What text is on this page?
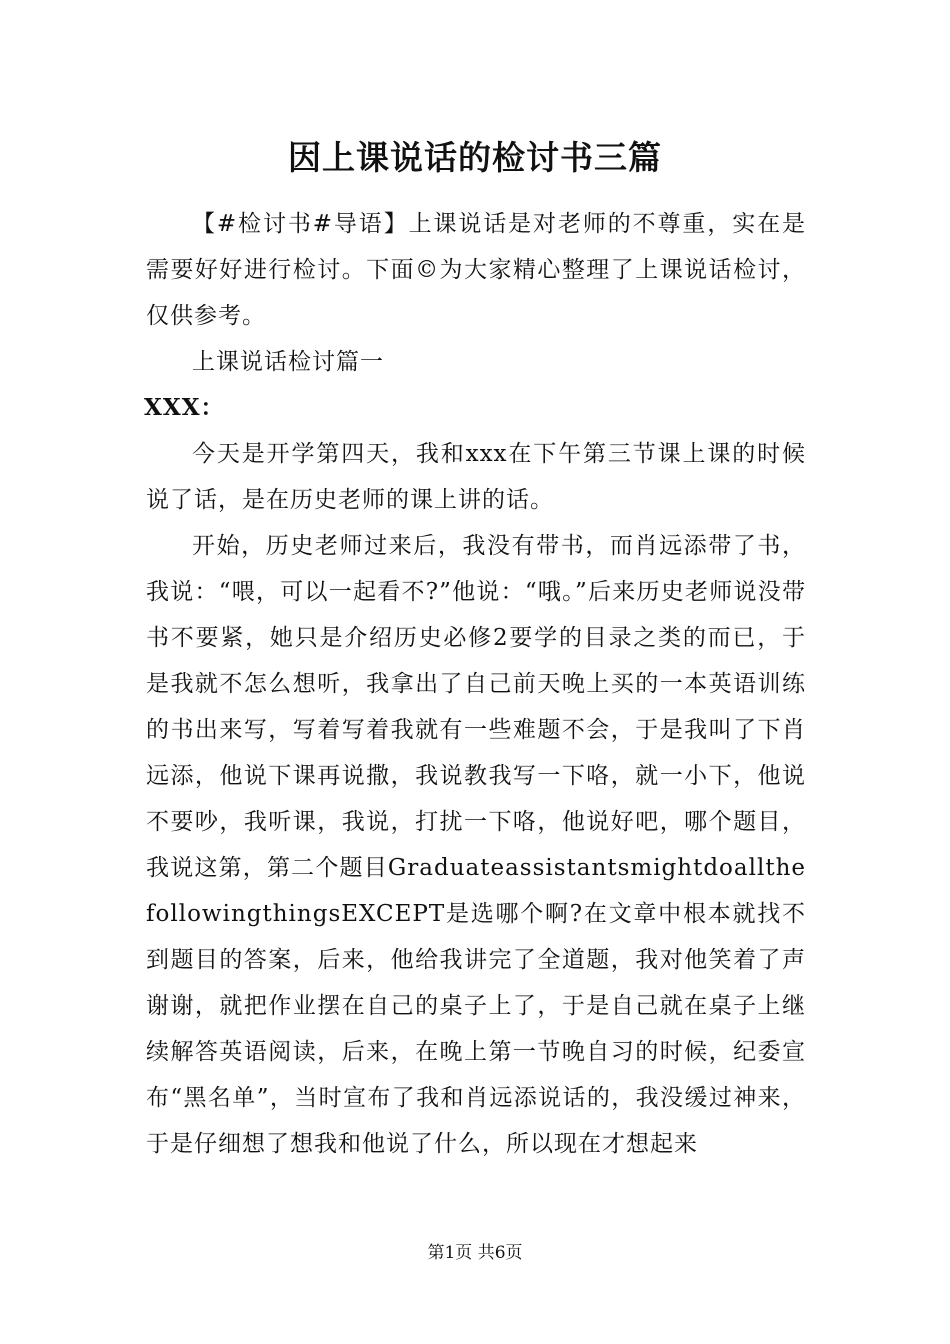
因上课说话的检讨书三篇

【#检讨书#导语】上课说话是对老师的不尊重，实在是需要好好进行检讨。下面©为大家精心整理了上课说话检讨，仅供参考。

上课说话检讨篇一

XXX：

今天是开学第四天，我和xxx在下午第三节课上课的时候说了话，是在历史老师的课上讲的话。

开始，历史老师过来后，我没有带书，而肖远添带了书，我说：“喂，可以一起看不?”他说：“哦。”后来历史老师说没带书不要紧，她只是介绍历史必修2要学的目录之类的而已，于是我就不怎么想听，我拿出了自己前天晚上买的一本英语训练的书出来写，写着写着我就有一些难题不会，于是我叫了下肖远添，他说下课再说撒，我说教我写一下咯，就一小下，他说不要吵，我听课，我说，打扰一下咯，他说好吧，哪个题目，我说这第，第二个题目GraduateassistantsmightdoallthefollowingthingsEXCEPT是选哪个啊?在文章中根本就找不到题目的答案，后来，他给我讲完了全道题，我对他笑着了声谢谢，就把作业摆在自己的桌子上了，于是自己就在桌子上继续解答英语阅读，后来，在晚上第一节晚自习的时候，纪委宣布“黑名单”，当时宣布了我和肖远添说话的，我没缓过神来，于是仔细想了想我和他说了什么，所以现在才想起来

第1页 共6页
